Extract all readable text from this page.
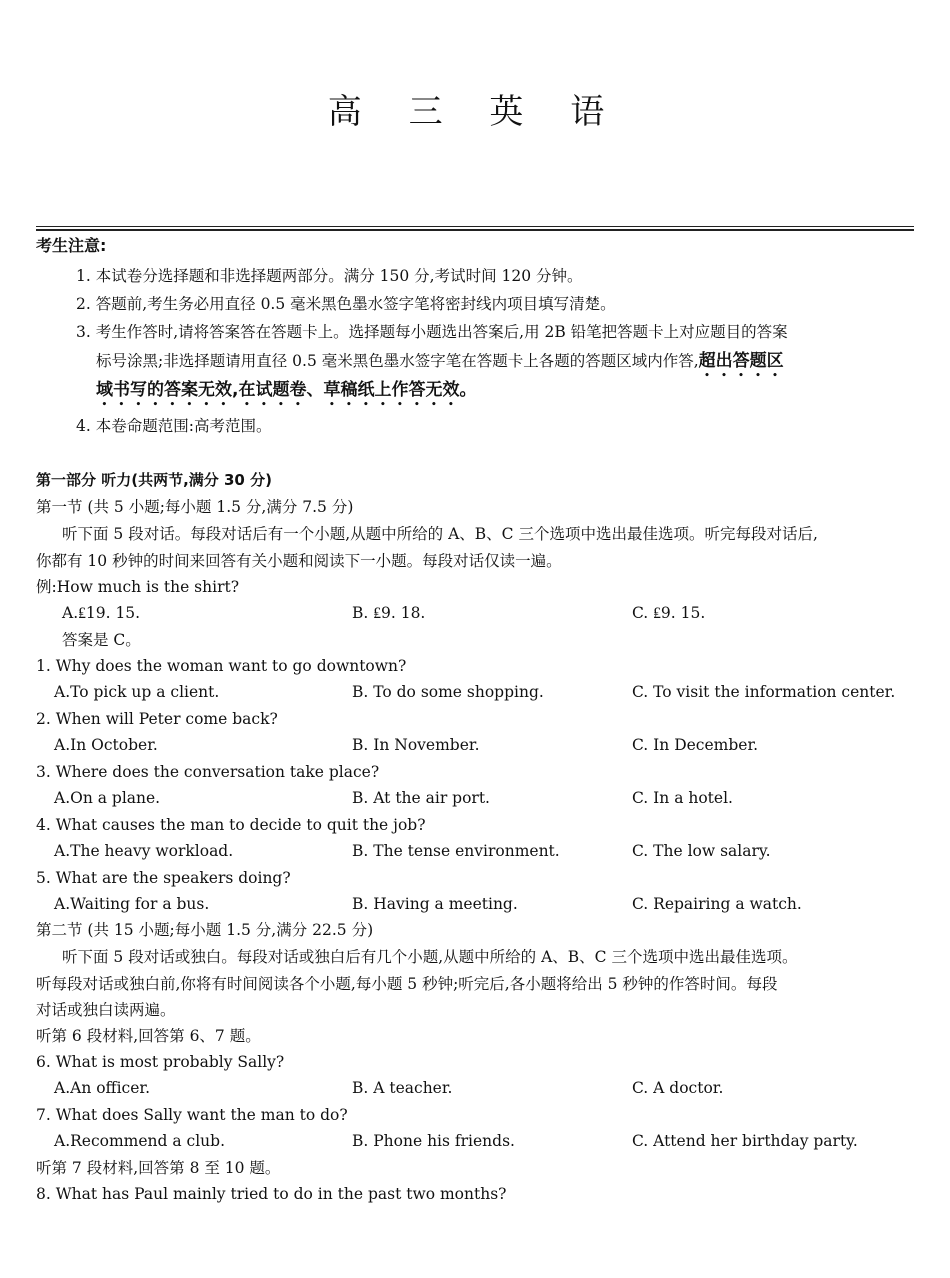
高 三 英 语
考生注意:
1. 本试卷分选择题和非选择题两部分。满分 150 分,考试时间 120 分钟。
2. 答题前,考生务必用直径 0.5 毫米黑色墨水签字笔将密封线内项目填写清楚。
3. 考生作答时,请将答案答在答题卡上。选择题每小题选出答案后,用 2B 铅笔把答题卡上对应题目的答案
标号涂黑;非选择题请用直径 0.5 毫米黑色墨水签字笔在答题卡上各题的答题区域内作答,超出答题区
域书写的答案无效,在试题卷、草稿纸上作答无效。
4. 本卷命题范围:高考范围。
第一部分 听力(共两节,满分 30 分)
第一节 (共 5 小题;每小题 1.5 分,满分 7.5 分)
听下面 5 段对话。每段对话后有一个小题,从题中所给的 A、B、C 三个选项中选出最佳选项。听完每段对话后,
你都有 10 秒钟的时间来回答有关小题和阅读下一小题。每段对话仅读一遍。
例:How much is the shirt?
A.₤19. 15.	B. ₤9. 18.	C. ₤9. 15.
答案是 C。
1. Why does the woman want to go downtown?
A.To pick up a client.	B. To do some shopping.	C. To visit the information center.
2. When will Peter come back?
A.In October.	B. In November.	C. In December.
3. Where does the conversation take place?
A.On a plane.	B. At the air port.	C. In a hotel.
4. What causes the man to decide to quit the job?
A.The heavy workload.	B. The tense environment.	C. The low salary.
5. What are the speakers doing?
A.Waiting for a bus.	B. Having a meeting.	C. Repairing a watch.
第二节 (共 15 小题;每小题 1.5 分,满分 22.5 分)
听下面 5 段对话或独白。每段对话或独白后有几个小题,从题中所给的 A、B、C 三个选项中选出最佳选项。
听每段对话或独白前,你将有时间阅读各个小题,每小题 5 秒钟;听完后,各小题将给出 5 秒钟的作答时间。每段
对话或独白读两遍。
听第 6 段材料,回答第 6、7 题。
6. What is most probably Sally?
A.An officer.	B. A teacher.	C. A doctor.
7. What does Sally want the man to do?
A.Recommend a club.	B. Phone his friends.	C. Attend her birthday party.
听第 7 段材料,回答第 8 至 10 题。
8. What has Paul mainly tried to do in the past two months?
